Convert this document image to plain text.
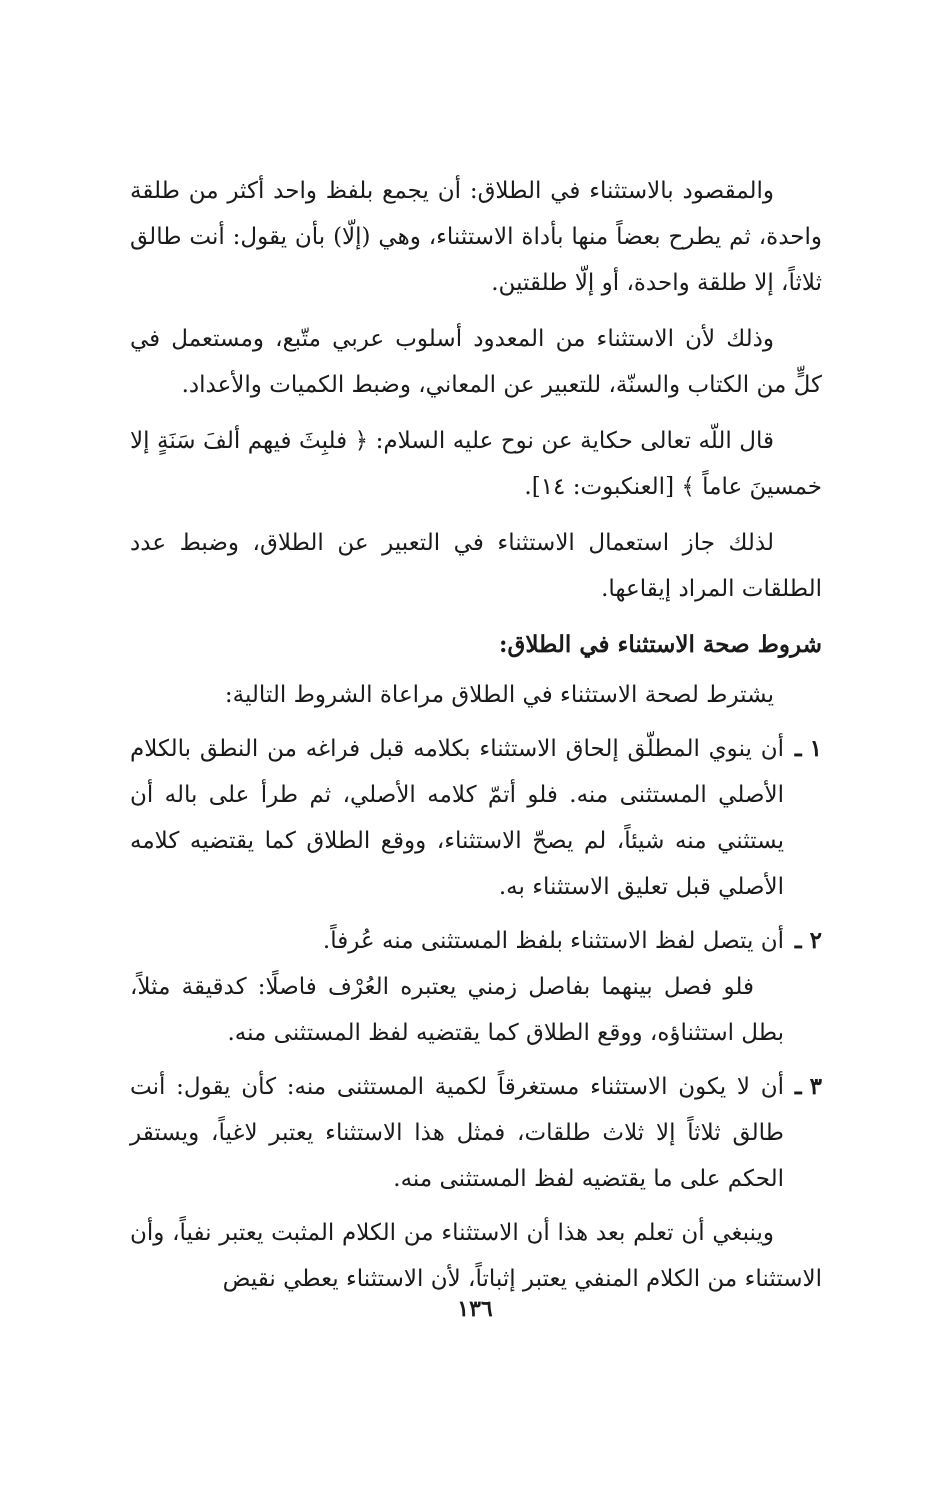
والمقصود بالاستثناء في الطلاق: أن يجمع بلفظ واحد أكثر من طلقة واحدة، ثم يطرح بعضاً منها بأداة الاستثناء، وهي (إلّا) بأن يقول: أنت طالق ثلاثاً، إلا طلقة واحدة، أو إلّا طلقتين.

وذلك لأن الاستثناء من المعدود أسلوب عربي متّبع، ومستعمل في كلٍّ من الكتاب والسنّة، للتعبير عن المعاني، وضبط الكميات والأعداد.

قال اللّه تعالى حكاية عن نوح عليه السلام: ﴿ فلبِثَ فيهم ألفَ سَنَةٍ إلا خمسينَ عاماً ﴾ [العنكبوت: ١٤].

لذلك جاز استعمال الاستثناء في التعبير عن الطلاق، وضبط عدد الطلقات المراد إيقاعها.

شروط صحة الاستثناء في الطلاق:

يشترط لصحة الاستثناء في الطلاق مراعاة الشروط التالية:

١ ـ
أن ينوي المطلّق إلحاق الاستثناء بكلامه قبل فراغه من النطق بالكلام الأصلي المستثنى منه. فلو أتمّ كلامه الأصلي، ثم طرأ على باله أن يستثني منه شيئاً، لم يصحّ الاستثناء، ووقع الطلاق كما يقتضيه كلامه الأصلي قبل تعليق الاستثناء به.
٢ ـ
أن يتصل لفظ الاستثناء بلفظ المستثنى منه عُرفاً.
فلو فصل بينهما بفاصل زمني يعتبره العُرْف فاصلًا: كدقيقة مثلاً، بطل استثناؤه، ووقع الطلاق كما يقتضيه لفظ المستثنى منه.
٣ ـ
أن لا يكون الاستثناء مستغرقاً لكمية المستثنى منه: كأن يقول: أنت طالق ثلاثاً إلا ثلاث طلقات، فمثل هذا الاستثناء يعتبر لاغياً، ويستقر الحكم على ما يقتضيه لفظ المستثنى منه.

وينبغي أن تعلم بعد هذا أن الاستثناء من الكلام المثبت يعتبر نفياً، وأن الاستثناء من الكلام المنفي يعتبر إثباتاً، لأن الاستثناء يعطي نقيض

١٣٦
